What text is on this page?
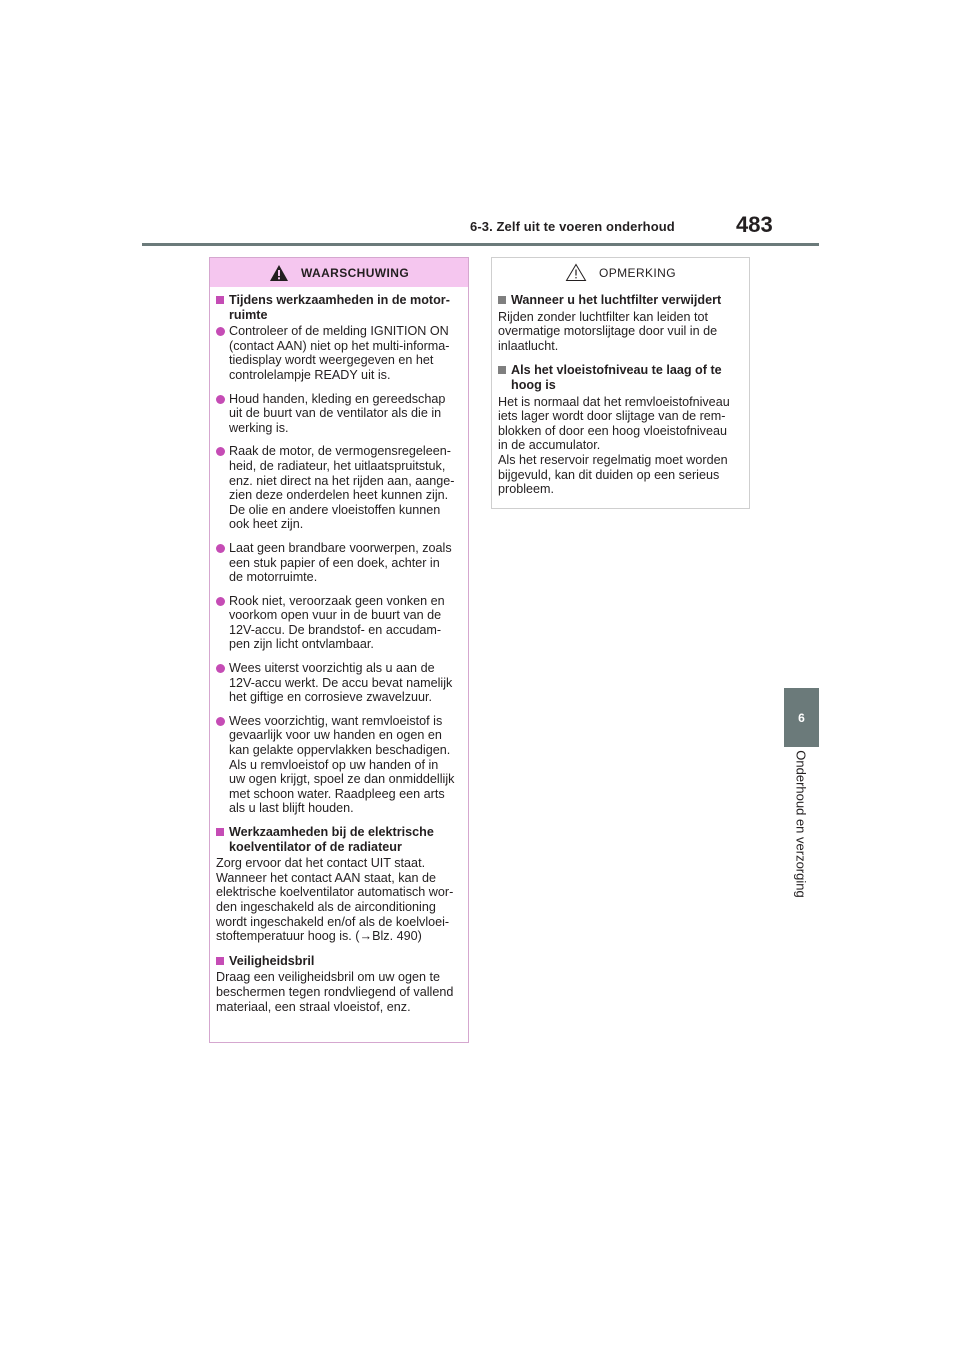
6-3. Zelf uit te voeren onderhoud	483
6
Onderhoud en verzorging
WAARSCHUWING
Tijdens werkzaamheden in de motor-
ruimte
Controleer of de melding IGNITION ON
(contact AAN) niet op het multi-informa-
tiedisplay wordt weergegeven en het
controlelampje READY uit is.
Houd handen, kleding en gereedschap
uit de buurt van de ventilator als die in
werking is.
Raak de motor, de vermogensregeleen-
heid, de radiateur, het uitlaatspruitstuk,
enz. niet direct na het rijden aan, aange-
zien deze onderdelen heet kunnen zijn.
De olie en andere vloeistoffen kunnen
ook heet zijn.
Laat geen brandbare voorwerpen, zoals
een stuk papier of een doek, achter in
de motorruimte.
Rook niet, veroorzaak geen vonken en
voorkom open vuur in de buurt van de
12V-accu. De brandstof- en accudam-
pen zijn licht ontvlambaar.
Wees uiterst voorzichtig als u aan de
12V-accu werkt. De accu bevat namelijk
het giftige en corrosieve zwavelzuur.
Wees voorzichtig, want remvloeistof is
gevaarlijk voor uw handen en ogen en
kan gelakte oppervlakken beschadigen.
Als u remvloeistof op uw handen of in
uw ogen krijgt, spoel ze dan onmiddellijk
met schoon water. Raadpleeg een arts
als u last blijft houden.
Werkzaamheden bij de elektrische
koelventilator of de radiateur
Zorg ervoor dat het contact UIT staat.
Wanneer het contact AAN staat, kan de
elektrische koelventilator automatisch wor-
den ingeschakeld als de airconditioning
wordt ingeschakeld en/of als de koelvloei-
stoftemperatuur hoog is. (→Blz. 490)
Veiligheidsbril
Draag een veiligheidsbril om uw ogen te
beschermen tegen rondvliegend of vallend
materiaal, een straal vloeistof, enz.
OPMERKING
Wanneer u het luchtfilter verwijdert
Rijden zonder luchtfilter kan leiden tot
overmatige motorslijtage door vuil in de
inlaatlucht.
Als het vloeistofniveau te laag of te
hoog is
Het is normaal dat het remvloeistofniveau
iets lager wordt door slijtage van de rem-
blokken of door een hoog vloeistofniveau
in de accumulator.
Als het reservoir regelmatig moet worden
bijgevuld, kan dit duiden op een serieus
probleem.
